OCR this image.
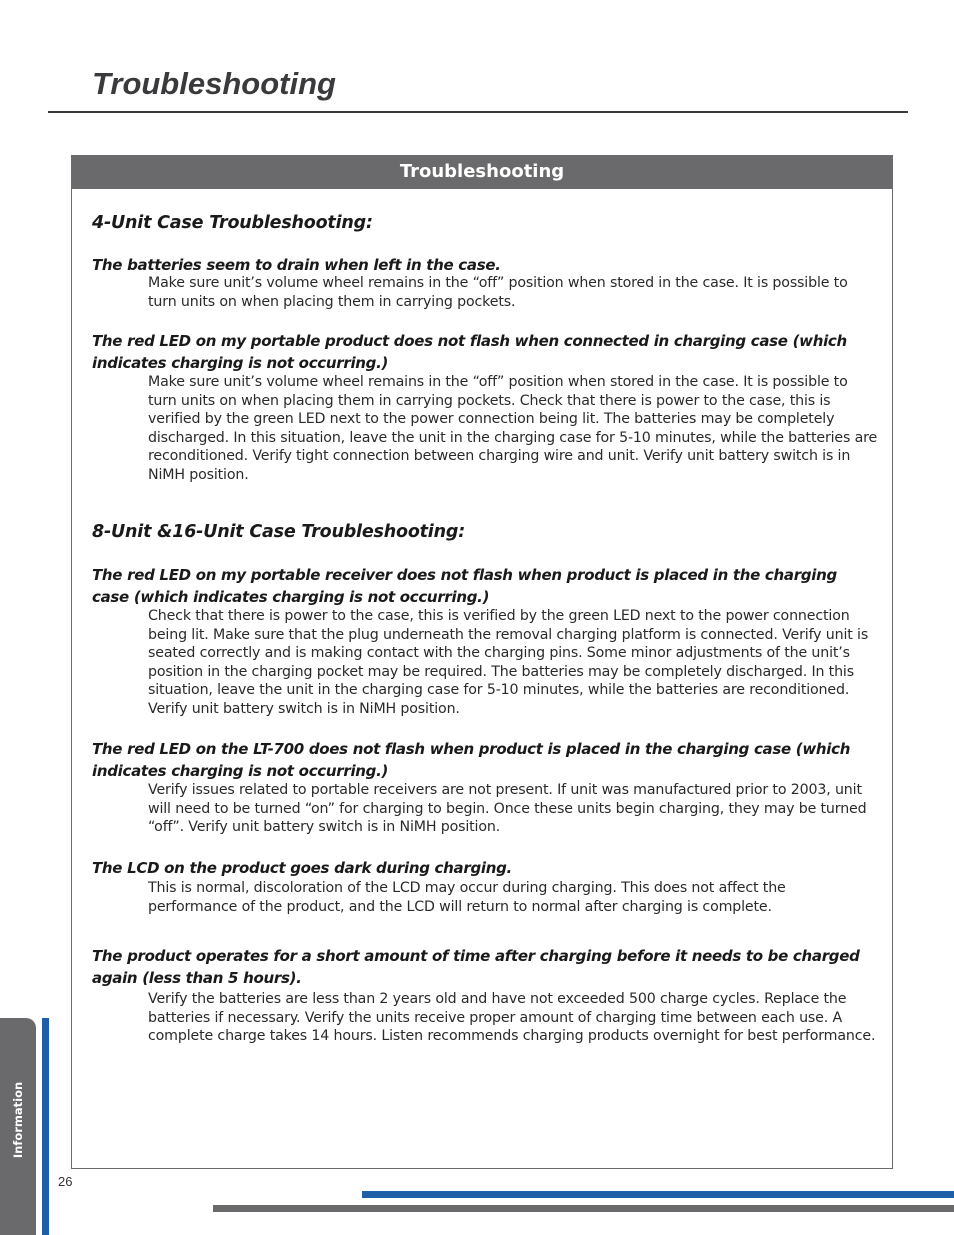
Troubleshooting
Troubleshooting
4-Unit Case Troubleshooting:

The batteries seem to drain when left in the case.

Make sure unit’s volume wheel remains in the “off” position when stored in the case. It is possible to turn units on when placing them in carrying pockets.

The red LED on my portable product does not flash when connected in charging case (which indicates charging is not occurring.)

Make sure unit’s volume wheel remains in the “off” position when stored in the case. It is possible to turn units on when placing them in carrying pockets. Check that there is power to the case, this is verified by the green LED next to the power connection being lit. The batteries may be completely discharged. In this situation, leave the unit in the charging case for 5-10 minutes, while the batteries are reconditioned. Verify tight connection between charging wire and unit. Verify unit battery switch is in NiMH position.

8-Unit &16-Unit Case Troubleshooting:

The red LED on my portable receiver does not flash when product is placed in the charging case (which indicates charging is not occurring.)

Check that there is power to the case, this is verified by the green LED next to the power connection being lit. Make sure that the plug underneath the removal charging platform is connected. Verify unit is seated correctly and is making contact with the charging pins. Some minor adjustments of the unit’s position in the charging pocket may be required. The batteries may be completely discharged. In this situation, leave the unit in the charging case for 5-10 minutes, while the batteries are reconditioned. Verify unit battery switch is in NiMH position.

The red LED on the LT-700 does not flash when product is placed in the charging case (which indicates charging is not occurring.)

Verify issues related to portable receivers are not present. If unit was manufactured prior to 2003, unit will need to be turned “on” for charging to begin. Once these units begin charging, they may be turned “off”. Verify unit battery switch is in NiMH position.

The LCD on the product goes dark during charging.

This is normal, discoloration of the LCD may occur during charging. This does not affect the performance of the product, and the LCD will return to normal after charging is complete.

The product operates for a short amount of time after charging before it needs to be charged again (less than 5 hours).

Verify the batteries are less than 2 years old and have not exceeded 500 charge cycles. Replace the batteries if necessary. Verify the units receive proper amount of charging time between each use. A complete charge takes 14 hours. Listen recommends charging products overnight for best performance.

Information
26
